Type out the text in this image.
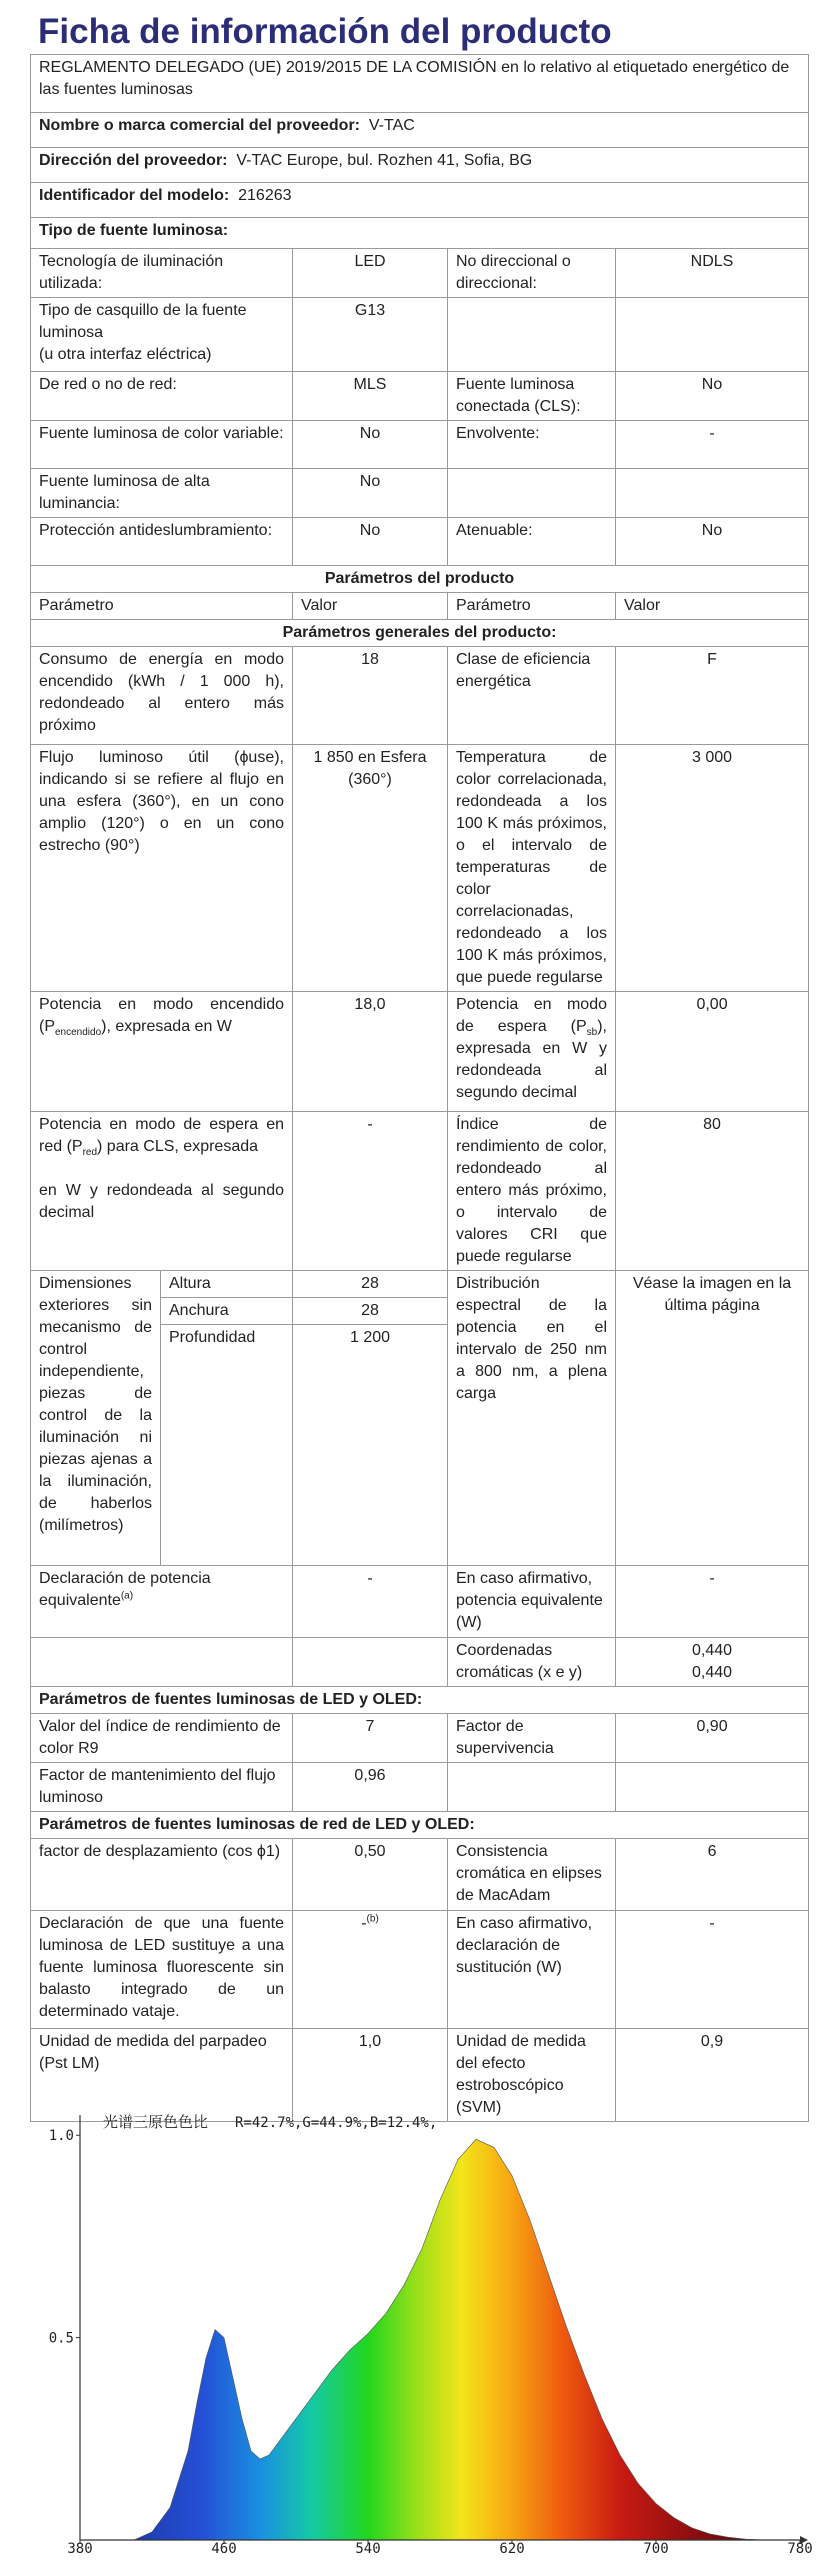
Ficha de información del producto
REGLAMENTO DELEGADO (UE) 2019/2015 DE LA COMISIÓN en lo relativo al etiquetado energético de las fuentes luminosas				
Nombre o marca comercial del proveedor: V-TAC				
Dirección del proveedor: V-TAC Europe, bul. Rozhen 41, Sofia, BG				
Identificador del modelo: 216263				
Tipo de fuente luminosa:				
Tecnología de iluminación utilizada:		LED	No direccional o direccional:	NDLS

Tipo de casquillo de la fuente luminosa
(u otra interfaz eléctrica)		G13		
De red o no de red:		MLS	Fuente luminosa conectada (CLS):	No
Fuente luminosa de color variable:		No	Envolvente:	-
Fuente luminosa de alta luminancia:		No		
Protección antideslumbramiento:		No	Atenuable:	No
Parámetros del producto				
Parámetro		Valor	Parámetro	Valor
Parámetros generales del producto:				
Consumo de energía en modo encendido (kWh / 1 000 h), redondeado al entero más próximo		18	Clase de eficiencia energética	F
Flujo luminoso útil (ϕuse), indicando si se refiere al flujo en una esfera (360°), en un cono amplio (120°) o en un cono estrecho (90°)		1 850 en Esfera (360°)	Temperatura de color correlacionada, redondeada a los 100 K más próximos, o el intervalo de temperaturas de color correlacionadas, redondeado a los 100 K más próximos, que puede regularse	3 000
Potencia en modo encendido $(P_{encendido})$, expresada en W		18,0	Potencia en modo de espera $(P_{sb})$, expresada en W y redondeada al segundo decimal	0,00

Potencia en modo de espera en red $(P_{red})$ para CLS, expresada
en W y redondeada al segundo decimal		-	Índice de rendimiento de color, redondeado al entero más próximo, o intervalo de valores CRI que puede regularse	80
Dimensiones exteriores sin mecanismo de control independiente, piezas de control de la iluminación ni piezas ajenas a la iluminación, de haberlos (milímetros)	Altura	28	Distribución espectral de la potencia en el intervalo de 250 nm a 800 nm, a plena carga	Véase la imagen en la última página
	Anchura	28		
	Profundidad	1 200		
Declaración de potencia equivalente$^{(a)}$		-	En caso afirmativo, potencia equivalente (W)	-
			Coordenadas cromáticas (x e y)	0,440
0,440

Parámetros de fuentes luminosas de LED y OLED:				
Valor del índice de rendimiento de color R9		7	Factor de supervivencia	0,90
Factor de mantenimiento del flujo luminoso		0,96		
Parámetros de fuentes luminosas de red de LED y OLED:				
factor de desplazamiento (cos ϕ1)		0,50	Consistencia cromática en elipses de MacAdam	6
Declaración de que una fuente luminosa de LED sustituye a una fuente luminosa fluorescente sin balasto integrado de un determinado vataje.		-$^{(b)}$	En caso afirmativo, declaración de sustitución (W)	-
Unidad de medida del parpadeo (Pst LM)		1,0	Unidad de medida del efecto estroboscópico (SVM)	0,9
1.0
0.5
380	460	540	620	700	780
光谱三原色色比 R=42.7%,G=44.9%,B=12.4%,
